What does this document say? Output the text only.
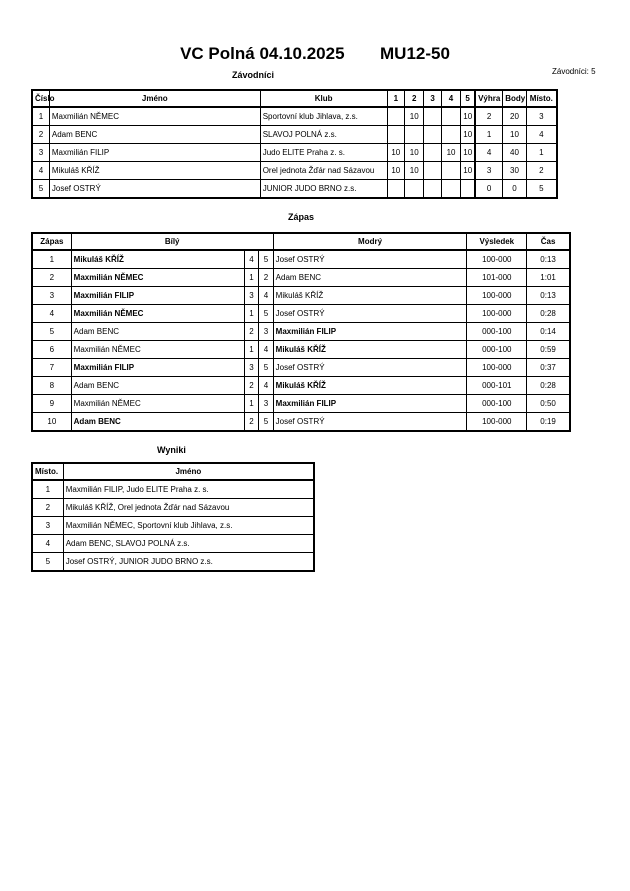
VC Polná 04.10.2025 MU12-50
Závodníci: 5
Závodníci
Číslo	Jméno	Klub	1	2	3	4	5	Výhra	Body	Místo.
1	Maxmilián NĚMEC	Sportovní klub Jihlava, z.s.		10			10	2	20	3
2	Adam BENC	SLAVOJ POLNÁ z.s.					10	1	10	4
3	Maxmilián FILIP	Judo ELITE Praha z. s.	10	10		10	10	4	40	1
4	Mikuláš KŘÍŽ	Orel jednota Žďár nad Sázavou	10	10			10	3	30	2
5	Josef OSTRÝ	JUNIOR JUDO BRNO z.s.						0	0	5
Zápas
Zápas	Bílý			Modrý	Výsledek	Čas
1	Mikuláš KŘÍŽ	4	5	Josef OSTRÝ	100-000	0:13
2	Maxmilián NĚMEC	1	2	Adam BENC	101-000	1:01
3	Maxmilián FILIP	3	4	Mikuláš KŘÍŽ	100-000	0:13
4	Maxmilián NĚMEC	1	5	Josef OSTRÝ	100-000	0:28
5	Adam BENC	2	3	Maxmilián FILIP	000-100	0:14
6	Maxmilián NĚMEC	1	4	Mikuláš KŘÍŽ	000-100	0:59
7	Maxmilián FILIP	3	5	Josef OSTRÝ	100-000	0:37
8	Adam BENC	2	4	Mikuláš KŘÍŽ	000-101	0:28
9	Maxmilián NĚMEC	1	3	Maxmilián FILIP	000-100	0:50
10	Adam BENC	2	5	Josef OSTRÝ	100-000	0:19
Wyniki
Místo.	Jméno
1	Maxmilián FILIP, Judo ELITE Praha z. s.
2	Mikuláš KŘÍŽ, Orel jednota Žďár nad Sázavou
3	Maxmilián NĚMEC, Sportovní klub Jihlava, z.s.
4	Adam BENC, SLAVOJ POLNÁ z.s.
5	Josef OSTRÝ, JUNIOR JUDO BRNO z.s.
